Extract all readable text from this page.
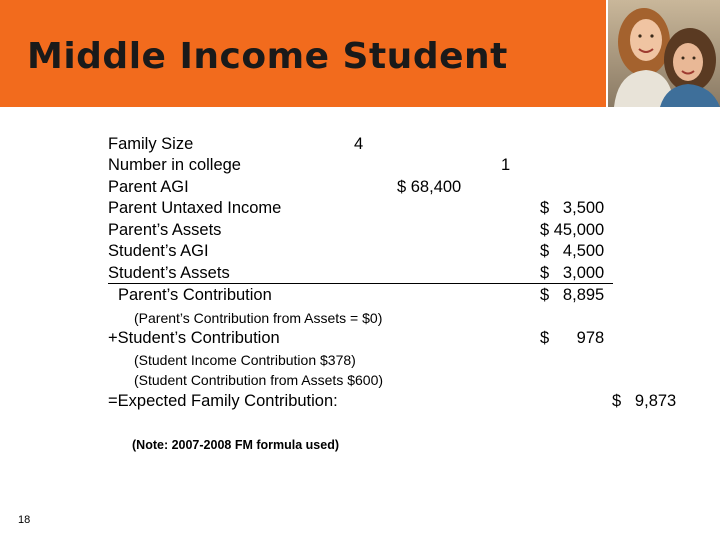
Middle Income Student
Family Size	4
Number in college	1
Parent AGI	$ 68,400
Parent Untaxed Income	$   3,500
Parent’s Assets	$ 45,000
Student’s AGI	$   4,500
Student’s Assets	$   3,000
Parent’s Contribution	$   8,895
(Parent’s Contribution from Assets = $0)
+Student’s Contribution	$      978
(Student Income Contribution $378)
(Student Contribution from Assets $600)
=Expected Family Contribution:	$   9,873
(Note: 2007-2008 FM formula used)
18
